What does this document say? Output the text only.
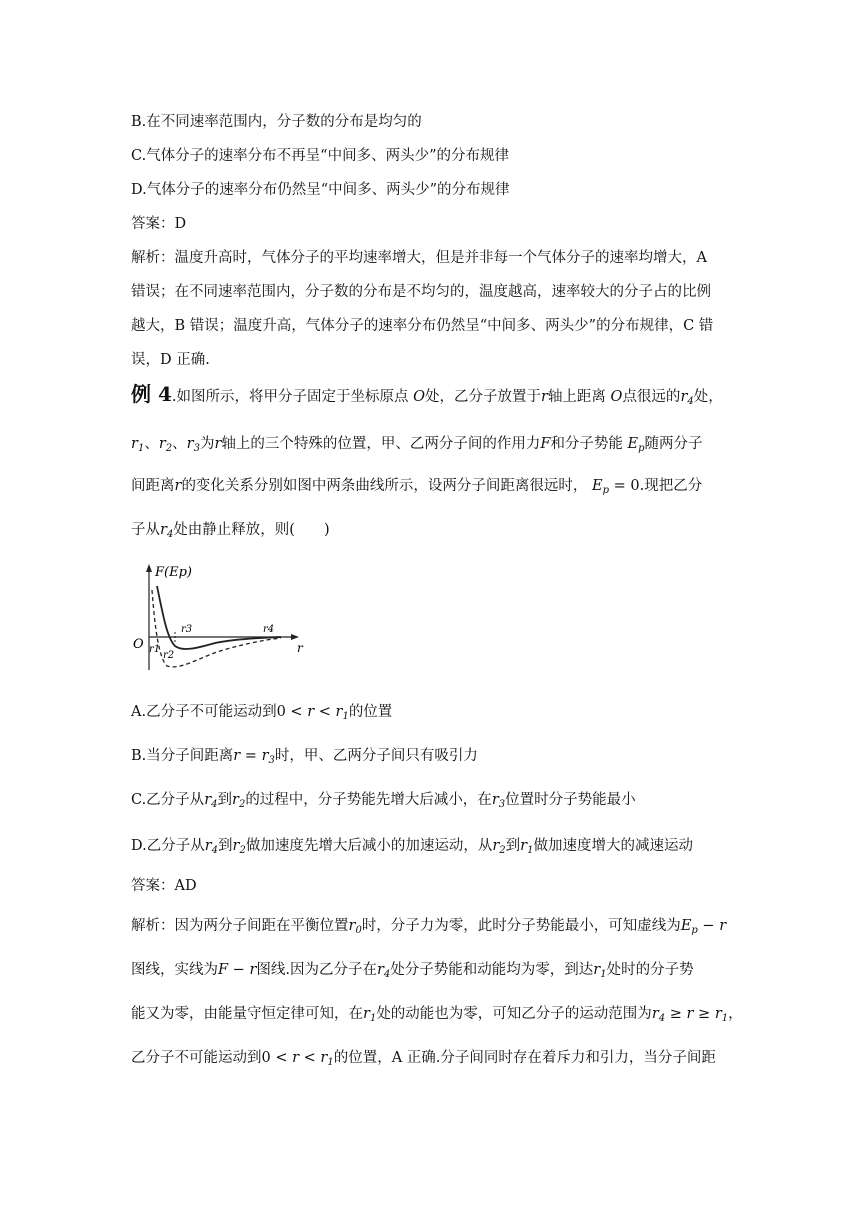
B.在不同速率范围内，分子数的分布是均匀的
C.气体分子的速率分布不再呈“中间多、两头少”的分布规律
D.气体分子的速率分布仍然呈“中间多、两头少”的分布规律
答案：D
解析：温度升高时，气体分子的平均速率增大，但是并非每一个气体分子的速率均增大，A
错误；在不同速率范围内，分子数的分布是不均匀的，温度越高，速率较大的分子占的比例
越大，B 错误；温度升高，气体分子的速率分布仍然呈“中间多、两头少”的分布规律，C 错
误，D 正确.
例 4.如图所示，将甲分子固定于坐标原点 O处，乙分子放置于r轴上距离 O点很远的$r_4$处，
$r_1$、$r_2$、$r_3$为r轴上的三个特殊的位置，甲、乙两分子间的作用力F和分子势能 $E_p$随两分子
间距离r的变化关系分别如图中两条曲线所示，设两分子间距离很远时， $E_p = 0$.现把乙分
子从$r_4$处由静止释放，则(　　)
F(Ep)
O	r
r1
r2
r3	r4
A.乙分子不可能运动到$0 < r < r_1$的位置
B.当分子间距离$r = r_3$时，甲、乙两分子间只有吸引力
C.乙分子从$r_4$到$r_2$的过程中，分子势能先增大后减小，在$r_3$位置时分子势能最小
D.乙分子从$r_4$到$r_2$做加速度先增大后减小的加速运动，从$r_2$到$r_1$做加速度增大的减速运动
答案：AD
解析：因为两分子间距在平衡位置$r_0$时，分子力为零，此时分子势能最小，可知虚线为$E_p - r$
图线，实线为F − r图线.因为乙分子在$r_4$处分子势能和动能均为零，到达$r_1$处时的分子势
能又为零，由能量守恒定律可知，在$r_1$处的动能也为零，可知乙分子的运动范围为$r_4 \ge r \ge r_1$，
乙分子不可能运动到$0 < r < r_1$的位置，A 正确.分子间同时存在着斥力和引力，当分子间距
